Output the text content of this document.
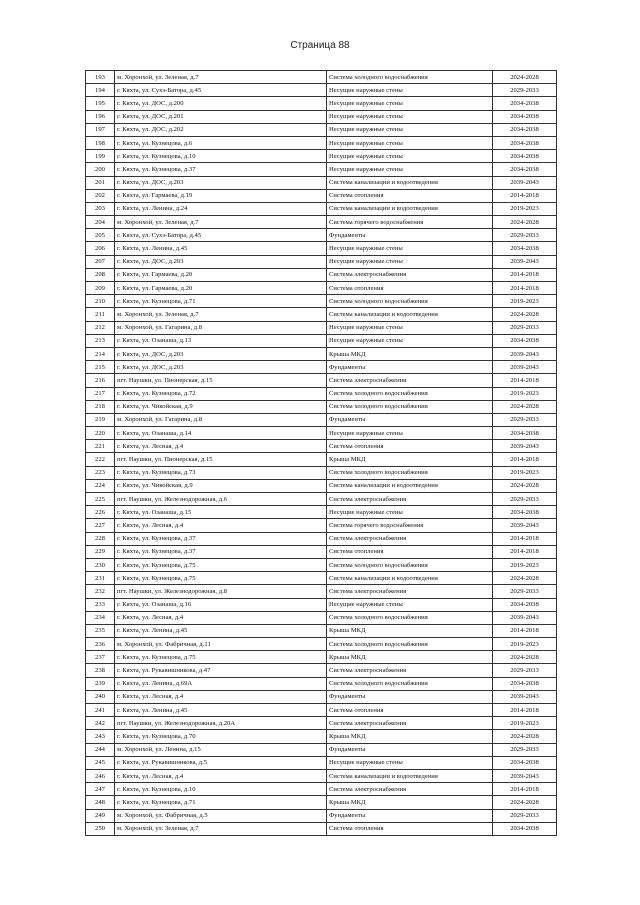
Страница 88
193	м. Хоронхой, ул. Зеленая, д.7	Система холодного водоснабжения	2024-2028
194	г. Кяхта, ул. Сухэ-Батора, д.45	Несущие наружные стены	2029-2033
195	г. Кяхта, ул. ДОС, д.200	Несущие наружные стены	2034-2038
196	г. Кяхта, ул. ДОС, д.201	Несущие наружные стены	2034-2038
197	г. Кяхта, ул. ДОС, д.202	Несущие наружные стены	2034-2038
198	г. Кяхта, ул. Кузнецова, д.6	Несущие наружные стены	2034-2038
199	г. Кяхта, ул. Кузнецова, д.10	Несущие наружные стены	2034-2038
200	г. Кяхта, ул. Кузнецова, д.37	Несущие наружные стены	2034-2038
201	г. Кяхта, ул. ДОС, д.203	Система канализации и водоотведения	2039-2043
202	г. Кяхта, ул. Гармаева, д.19	Система отопления	2014-2018
203	г. Кяхта, ул. Ленина, д.24	Система канализации и водоотведения	2019-2023
204	м. Хоронхой, ул. Зеленая, д.7	Система горячего водоснабжения	2024-2028
205	г. Кяхта, ул. Сухэ-Батора, д.45	Фундаменты	2029-2033
206	г. Кяхта, ул. Ленина, д.45	Несущие наружные стены	2034-2038
207	г. Кяхта, ул. ДОС, д.203	Несущие наружные стены	2039-2043
208	г. Кяхта, ул. Гармаева, д.20	Система электроснабжения	2014-2018
209	г. Кяхта, ул. Гармаева, д.20	Система отопления	2014-2018
210	г. Кяхта, ул. Кузнецова, д.71	Система холодного водоснабжения	2019-2023
211	м. Хоронхой, ул. Зеленая, д.7	Система канализации и водоотведения	2024-2028
212	м. Хоронхой, ул. Гагарина, д.8	Несущие наружные стены	2029-2033
213	г. Кяхта, ул. Озанаша, д.13	Несущие наружные стены	2034-2038
214	г. Кяхта, ул. ДОС, д.203	Крыша МКД	2039-2043
215	г. Кяхта, ул. ДОС, д.203	Фундаменты	2039-2043
216	пгт. Наушки, ул. Пионерская, д.15	Система электроснабжения	2014-2018
217	г. Кяхта, ул. Кузнецова, д.72	Система холодного водоснабжения	2019-2023
218	г. Кяхта, ул. Чикойская, д.9	Система холодного водоснабжения	2024-2028
219	м. Хоронхой, ул. Гагарина, д.8	Фундаменты	2029-2033
220	г. Кяхта, ул. Озанаша, д.14	Несущие наружные стены	2034-2038
221	г. Кяхта, ул. Лесная, д.4	Система отопления	2039-2043
222	пгт. Наушки, ул. Пионерская, д.15	Крыша МКД	2014-2018
223	г. Кяхта, ул. Кузнецова, д.73	Система холодного водоснабжения	2019-2023
224	г. Кяхта, ул. Чикойская, д.9	Система канализации и водоотведения	2024-2028
225	пгт. Наушки, ул. Железнодорожная, д.6	Система электроснабжения	2029-2033
226	г. Кяхта, ул. Озанаша, д.15	Несущие наружные стены	2034-2038
227	г. Кяхта, ул. Лесная, д.4	Система горячего водоснабжения	2039-2043
228	г. Кяхта, ул. Кузнецова, д.37	Система электроснабжения	2014-2018
229	г. Кяхта, ул. Кузнецова, д.37	Система отопления	2014-2018
230	г. Кяхта, ул. Кузнецова, д.75	Система холодного водоснабжения	2019-2023
231	г. Кяхта, ул. Кузнецова, д.75	Система канализации и водоотведения	2024-2028
232	пгт. Наушки, ул. Железнодорожная, д.8	Система электроснабжения	2029-2033
233	г. Кяхта, ул. Озанаша, д.16	Несущие наружные стены	2034-2038
234	г. Кяхта, ул. Лесная, д.4	Система холодного водоснабжения	2039-2043
235	г. Кяхта, ул. Ленина, д.45	Крыша МКД	2014-2018
236	м. Хоронхой, ул. Фабричная, д.11	Система холодного водоснабжения	2019-2023
237	г. Кяхта, ул. Кузнецова, д.75	Крыша МКД	2024-2028
238	г. Кяхта, ул. Рукавишникова, д.47	Система электроснабжения	2029-2033
239	г. Кяхта, ул. Ленина, д.69А	Система холодного водоснабжения	2034-2038
240	г. Кяхта, ул. Лесная, д.4	Фундаменты	2039-2043
241	г. Кяхта, ул. Ленина, д.45	Система отопления	2014-2018
242	пгт. Наушки, ул. Железнодорожная, д.20А	Система электроснабжения	2019-2023
243	г. Кяхта, ул. Кузнецова, д.70	Крыша МКД	2024-2028
244	м. Хоронхой, ул. Ленина, д.15	Фундаменты	2029-2033
245	г. Кяхта, ул. Рукавишникова, д.5	Несущие наружные стены	2034-2038
246	г. Кяхта, ул. Лесная, д.4	Система канализации и водоотведения	2039-2043
247	г. Кяхта, ул. Кузнецова, д.10	Система электроснабжения	2014-2018
248	г. Кяхта, ул. Кузнецова, д.71	Крыша МКД	2024-2028
249	м. Хоронхой, ул. Фабричная, д.5	Фундаменты	2029-2033
250	м. Хоронхой, ул. Зеленая, д.7	Система отопления	2034-2038
